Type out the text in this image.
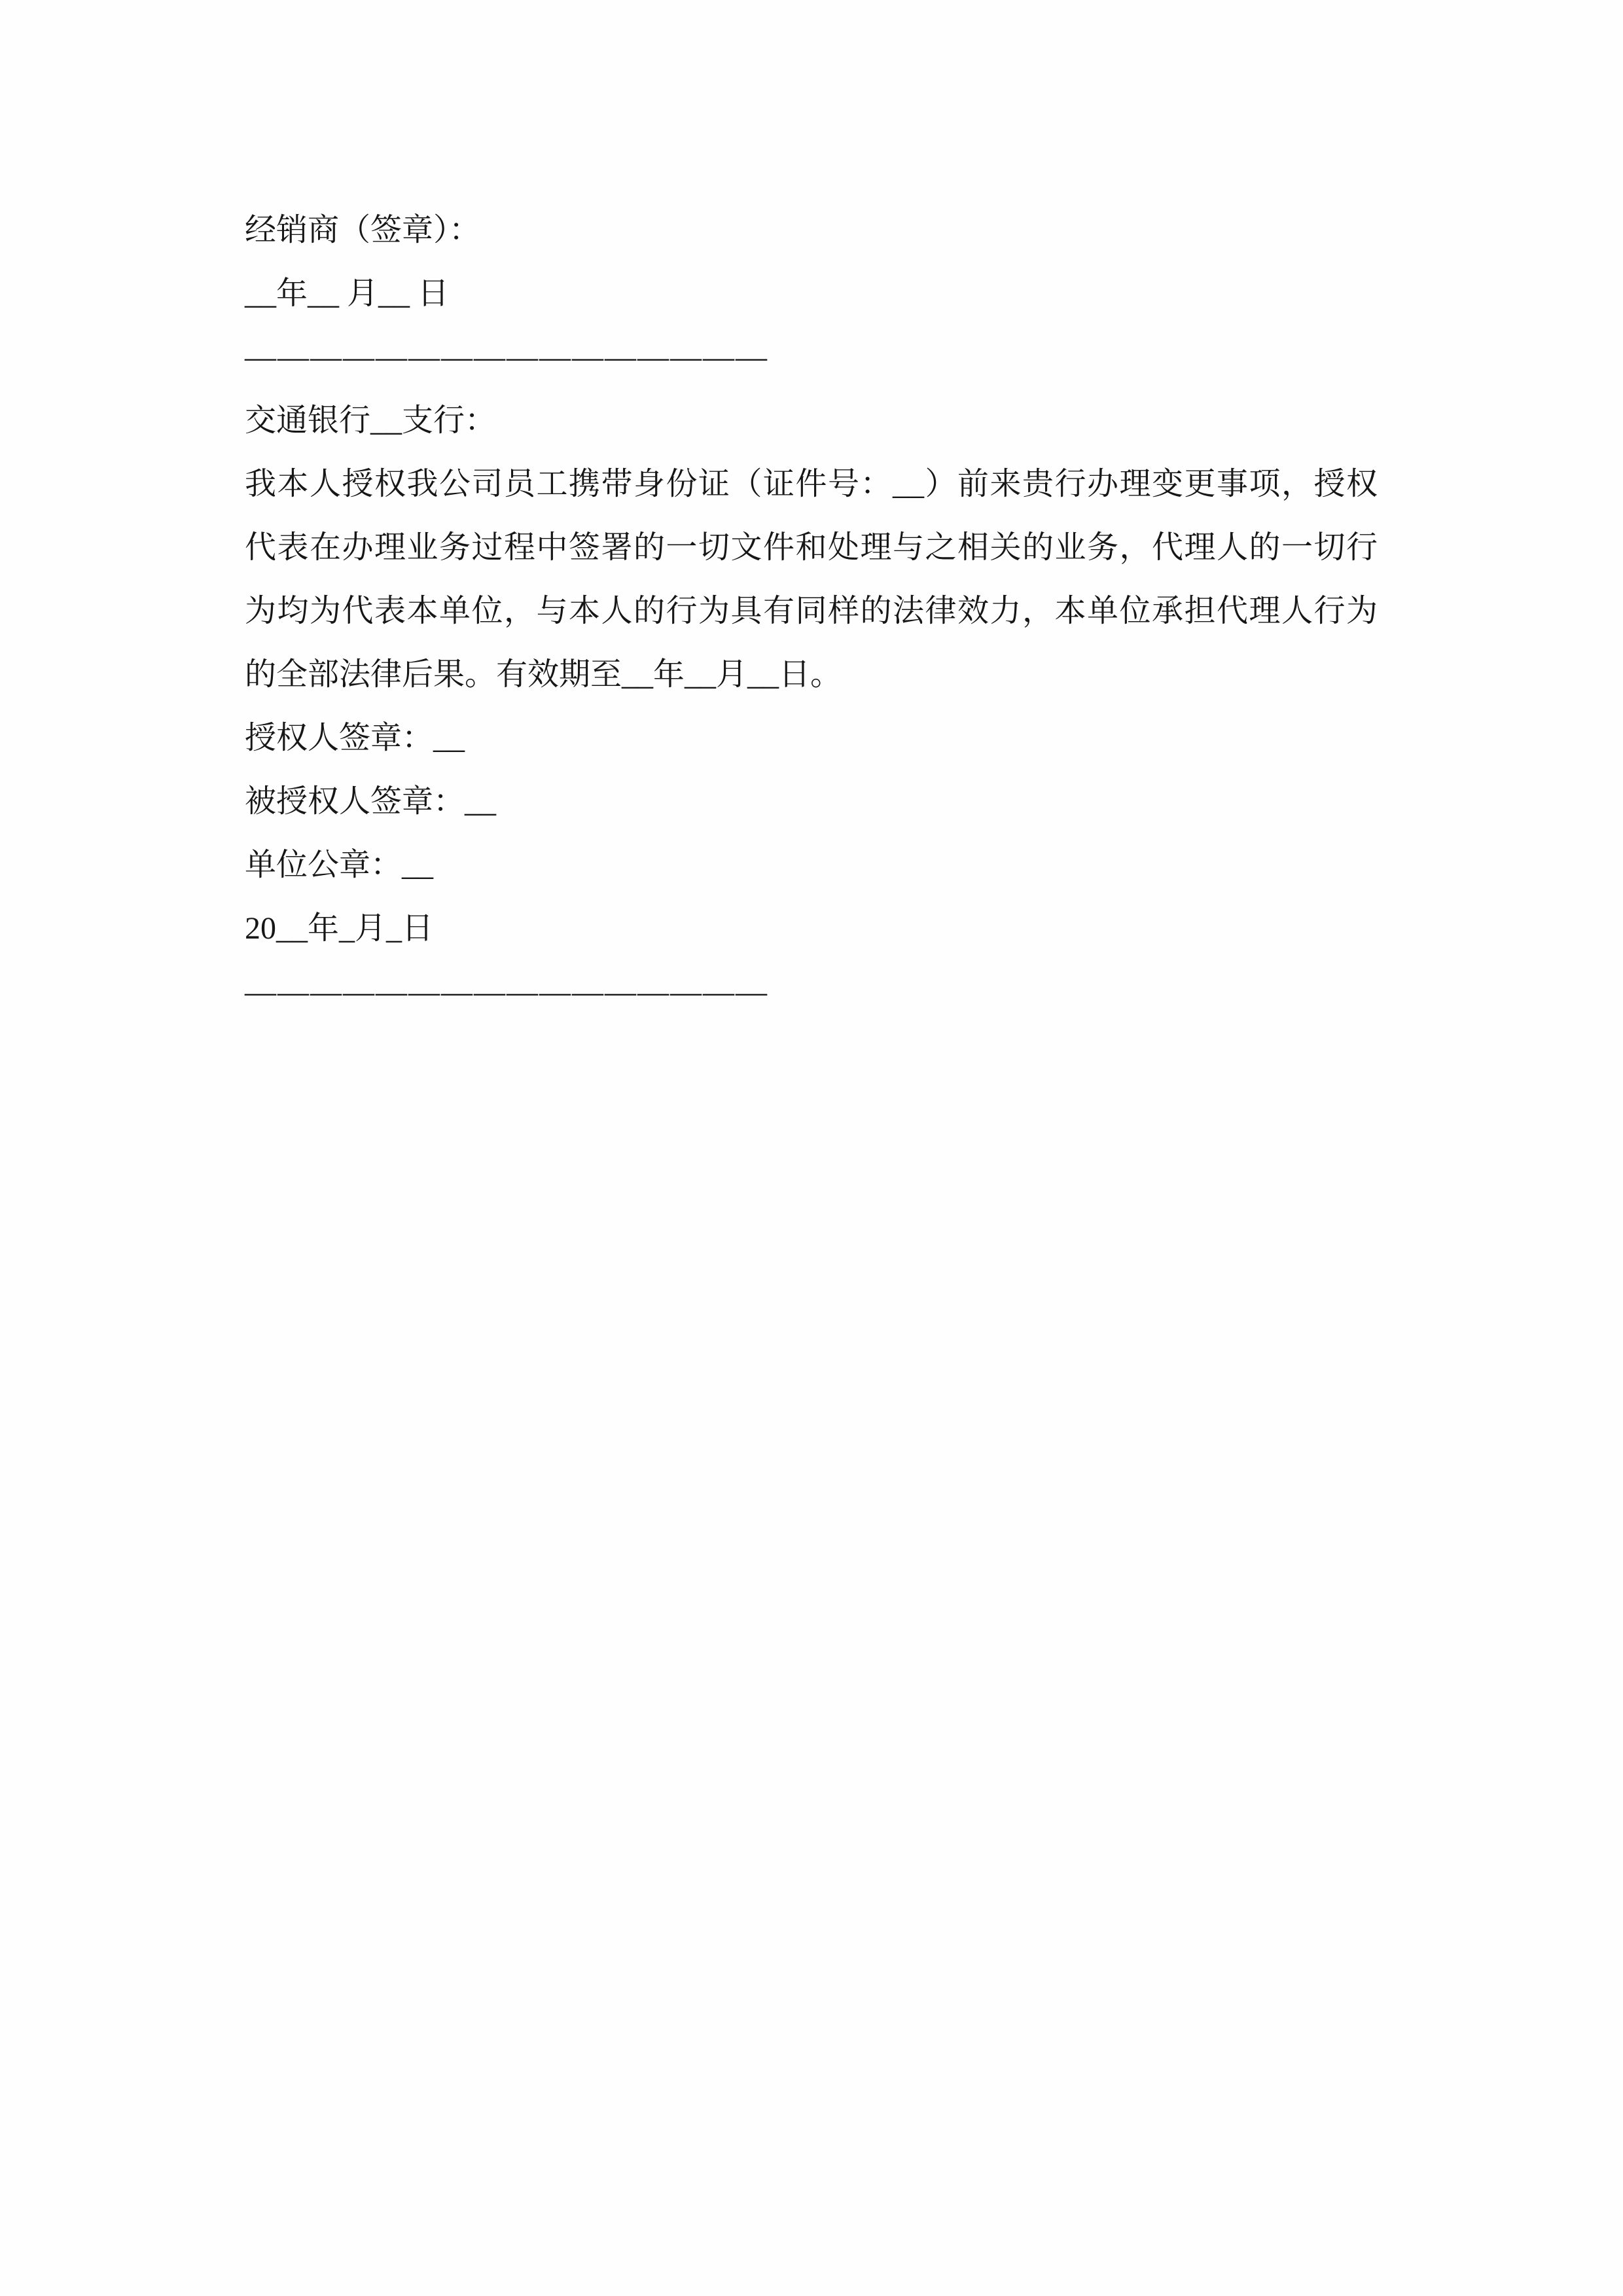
经销商（签章）：
__年__ 月__ 日
————————————————
交通银行__支行：
我本人授权我公司员工携带身份证（证件号：__）前来贵行办理变更事项，授权
代表在办理业务过程中签署的一切文件和处理与之相关的业务，代理人的一切行
为均为代表本单位，与本人的行为具有同样的法律效力，本单位承担代理人行为
的全部法律后果。有效期至__年__月__日。
授权人签章：__
被授权人签章：__
单位公章：__
20__年_月_日
————————————————
